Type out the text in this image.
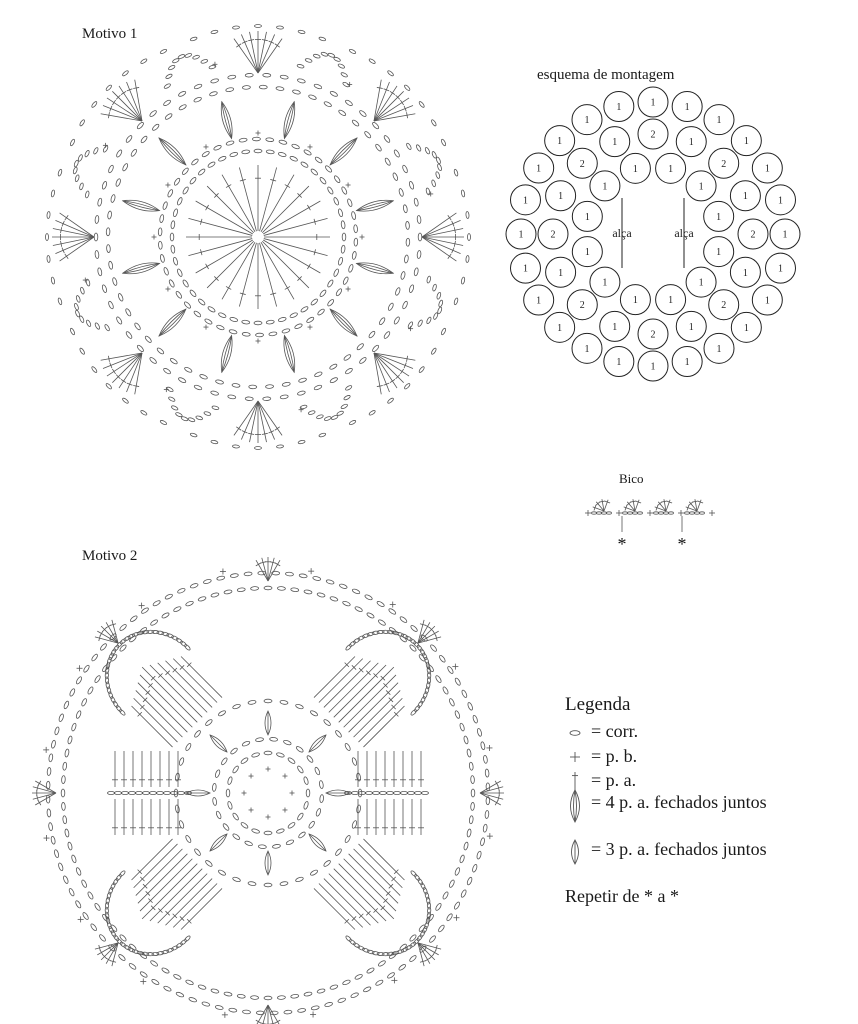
Motivo 1
Motivo 2
esquema de montagem
Bico
1	1
1
1
1
1
1
1
1
1
1
1
1
1
1
1
1
1
1
1
1
1
1
1
2
1
2
1
2
1
2
1
2
1
2
1
2
1
2
1
1
1
1
1
1
1
1
1
1
1
1
1
alça	alça
*	*
Legenda
= corr.
= p. b.
= p. a.
= 4 p. a. fechados juntos
= 3 p. a. fechados juntos
Repetir de * a *
